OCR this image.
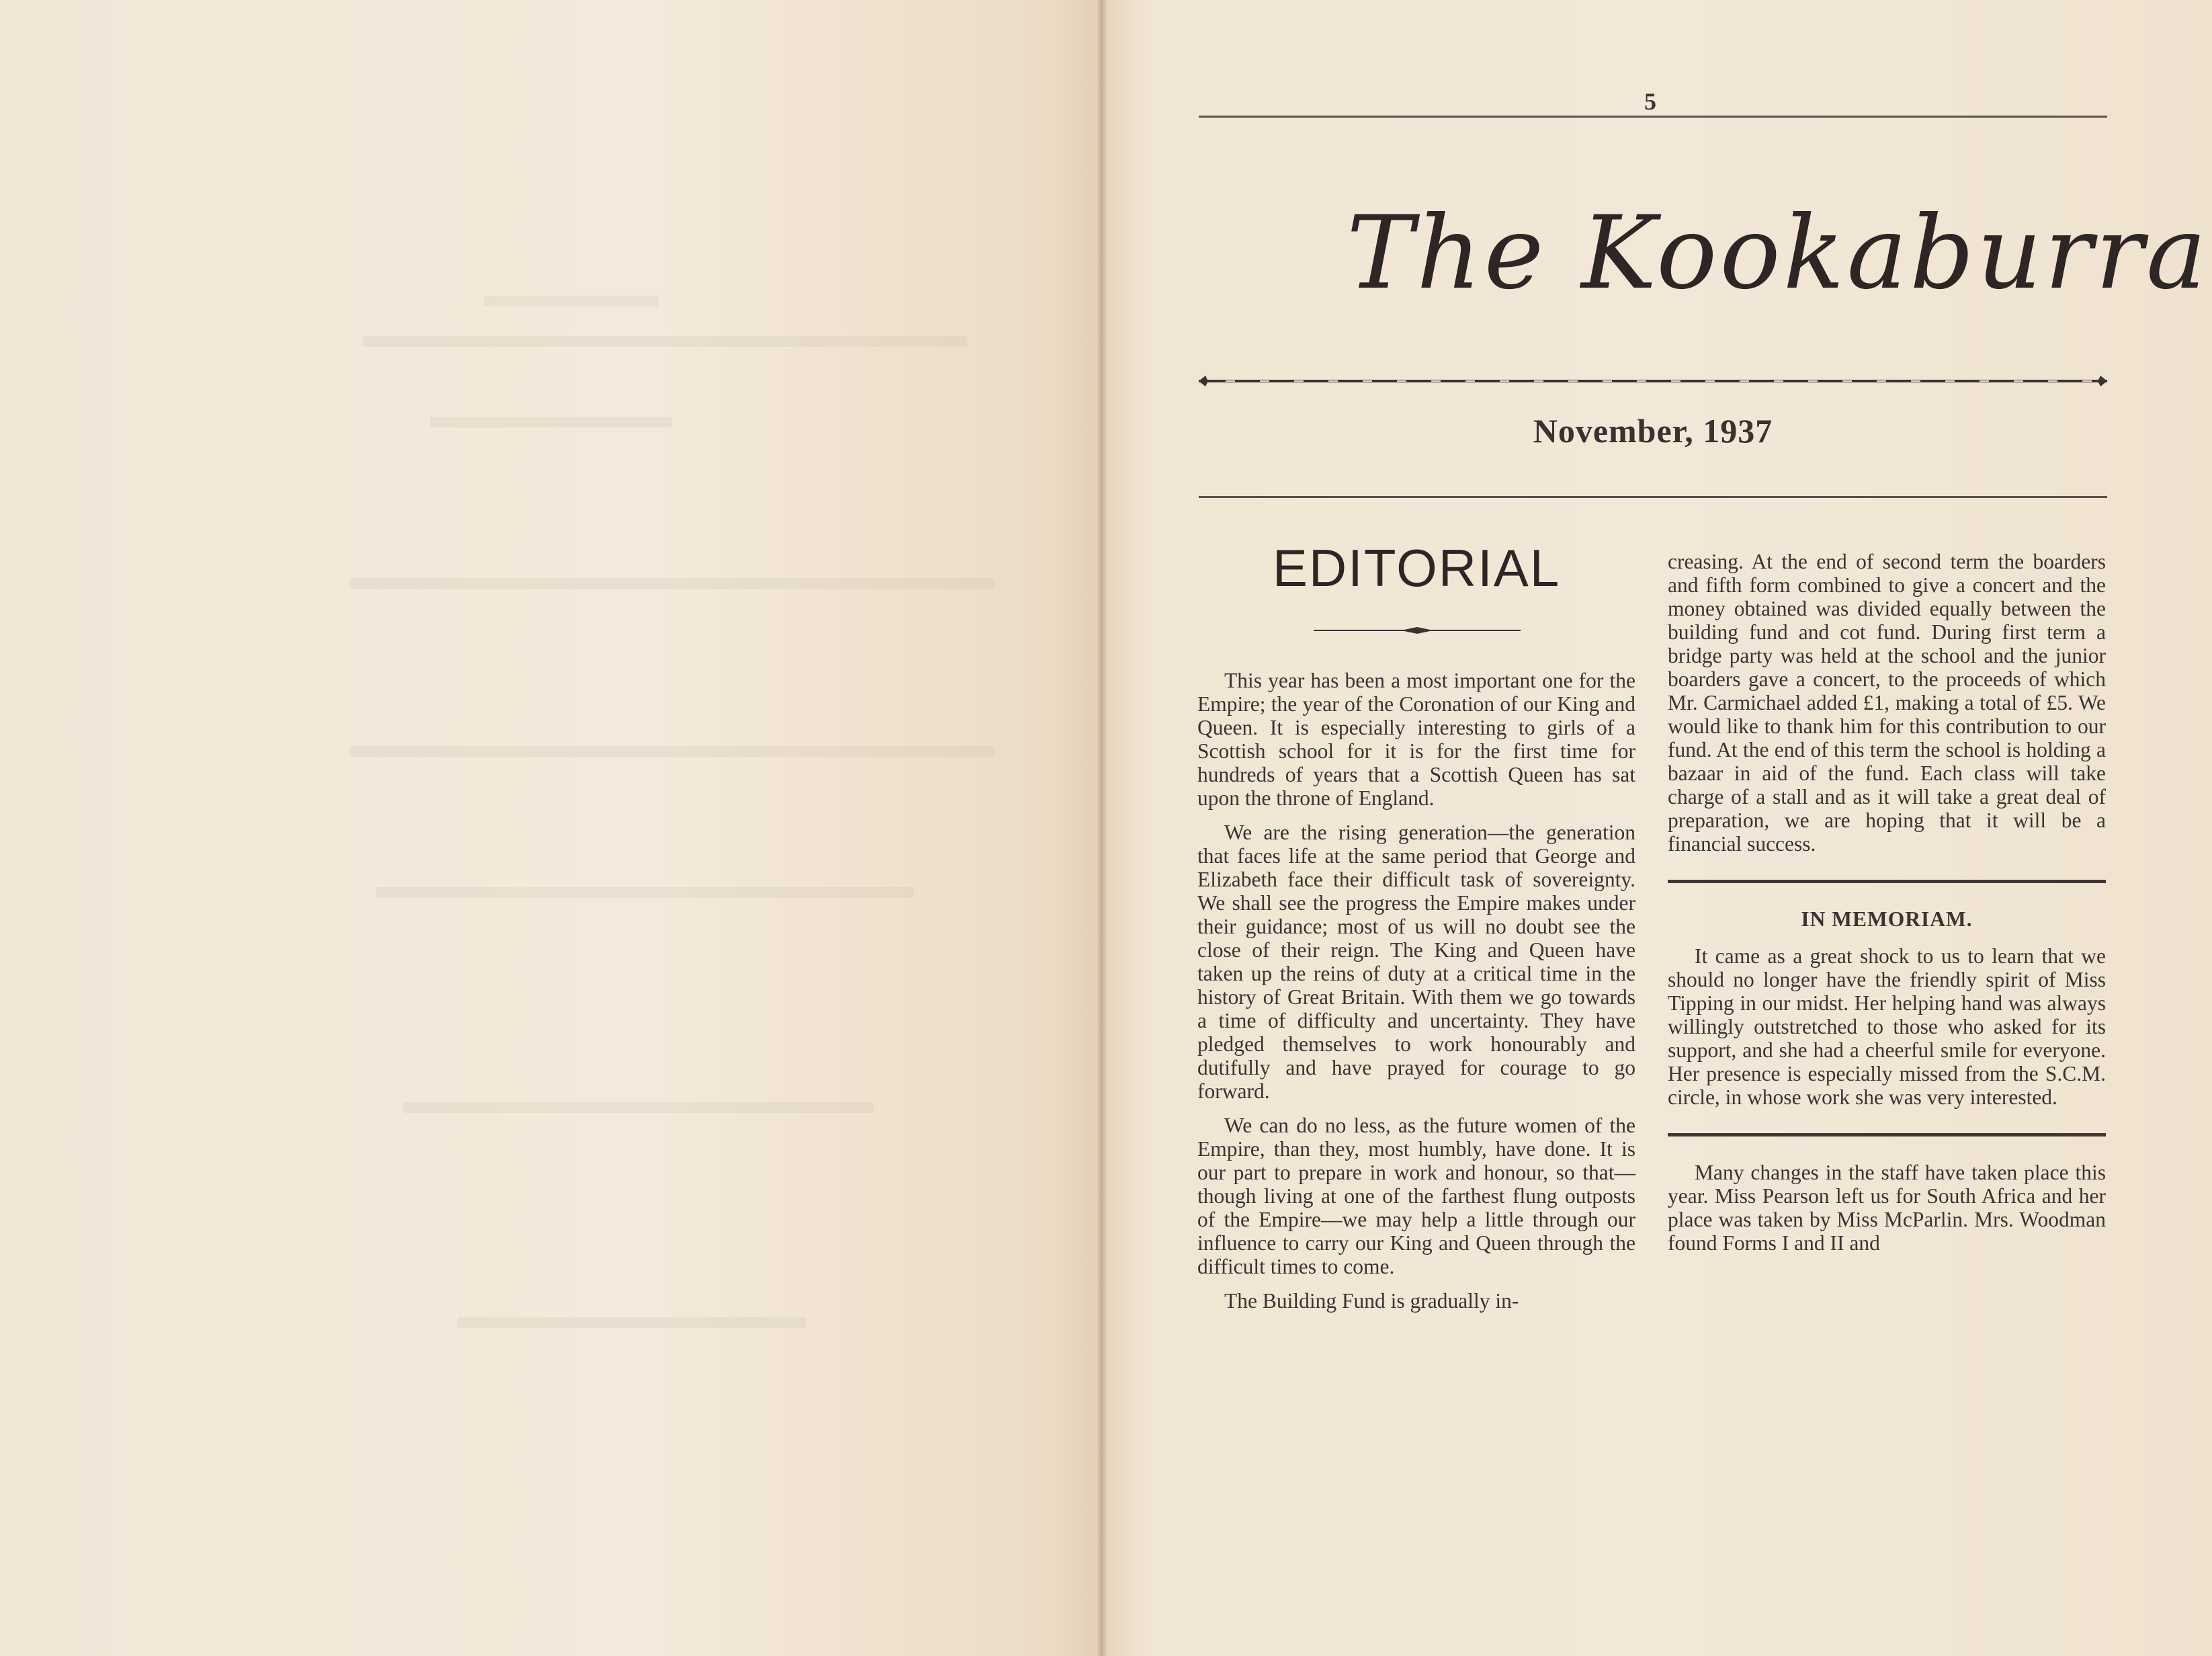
5
The Kookaburra
November, 1937
EDITORIAL

This year has been a most important one for the Empire; the year of the Coronation of our King and Queen. It is especially interesting to girls of a Scottish school for it is for the first time for hundreds of years that a Scottish Queen has sat upon the throne of England.

We are the rising generation—the generation that faces life at the same period that George and Elizabeth face their difficult task of sovereignty. We shall see the progress the Empire makes under their guidance; most of us will no doubt see the close of their reign. The King and Queen have taken up the reins of duty at a critical time in the history of Great Britain. With them we go towards a time of difficulty and uncertainty. They have pledged themselves to work honourably and dutifully and have prayed for courage to go forward.

We can do no less, as the future women of the Empire, than they, most humbly, have done. It is our part to prepare in work and honour, so that—though living at one of the farthest flung outposts of the Empire—we may help a little through our influence to carry our King and Queen through the difficult times to come.

The Building Fund is gradually in-

creasing. At the end of second term the boarders and fifth form combined to give a concert and the money obtained was divided equally between the building fund and cot fund. During first term a bridge party was held at the school and the junior boarders gave a concert, to the proceeds of which Mr. Carmichael added £1, making a total of £5. We would like to thank him for this contribution to our fund. At the end of this term the school is holding a bazaar in aid of the fund. Each class will take charge of a stall and as it will take a great deal of preparation, we are hoping that it will be a financial success.

IN MEMORIAM.

It came as a great shock to us to learn that we should no longer have the friendly spirit of Miss Tipping in our midst. Her helping hand was always willingly outstretched to those who asked for its support, and she had a cheerful smile for everyone. Her presence is especially missed from the S.C.M. circle, in whose work she was very interested.

Many changes in the staff have taken place this year. Miss Pearson left us for South Africa and her place was taken by Miss McParlin. Mrs. Woodman found Forms I and II and
